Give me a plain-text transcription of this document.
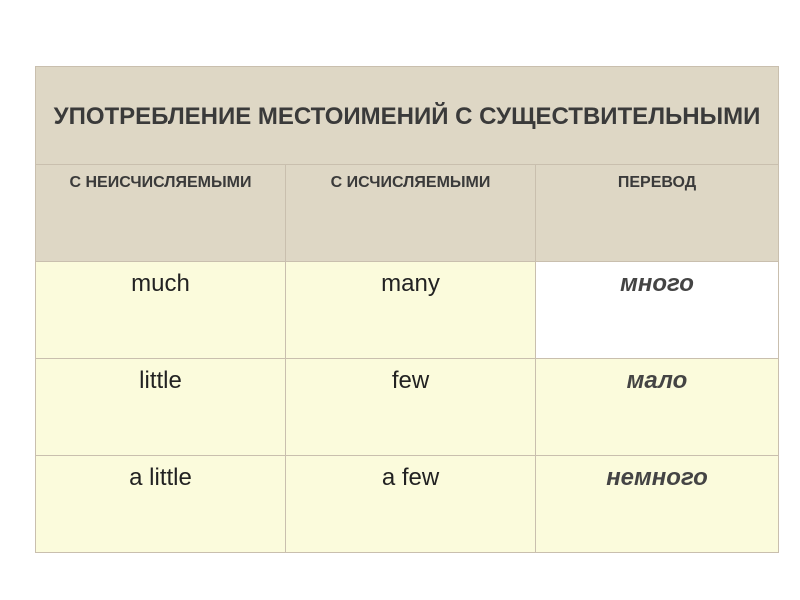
УПОТРЕБЛЕНИЕ МЕСТОИМЕНИЙ С СУЩЕСТВИТЕЛЬНЫМИ		

С НЕИСЧИСЛЯЕМЫМИ	С ИСЧИСЛЯЕМЫМИ	ПЕРЕВОД

much	many	много

little	few	мало

a little	a few	немного
